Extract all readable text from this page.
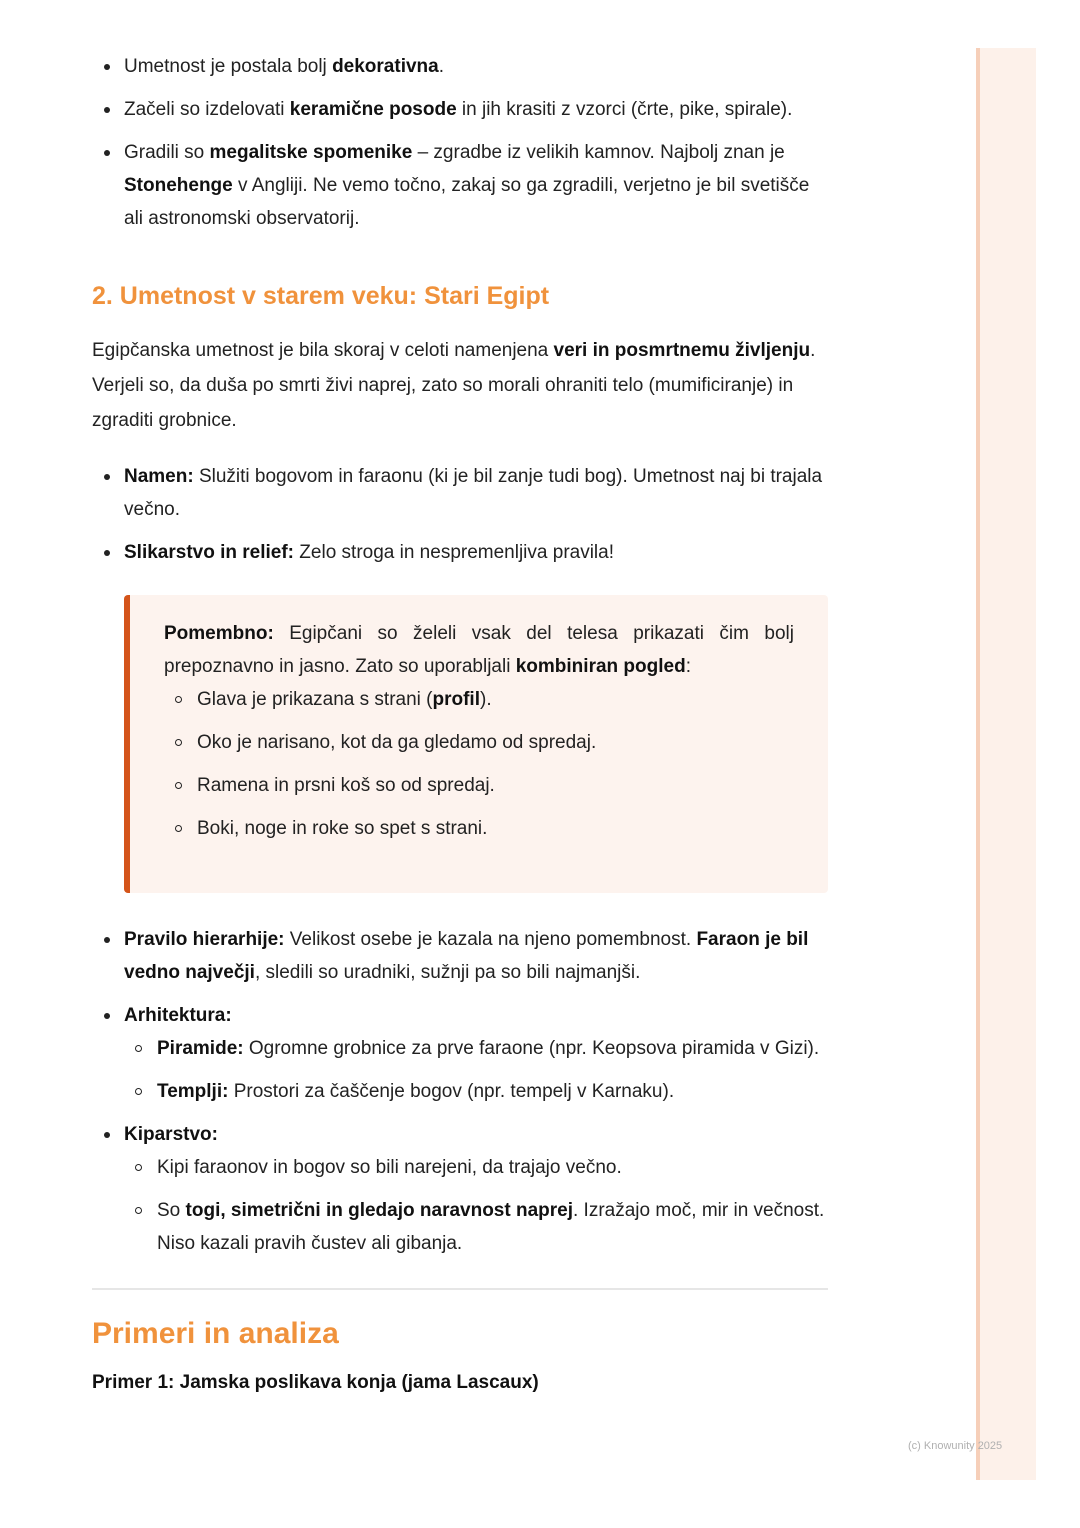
(c) Knowunity 2025
Umetnost je postala bolj dekorativna.
Začeli so izdelovati keramične posode in jih krasiti z vzorci (črte, pike, spirale).
Gradili so megalitske spomenike – zgradbe iz velikih kamnov. Najbolj znan je Stonehenge v Angliji. Ne vemo točno, zakaj so ga zgradili, verjetno je bil svetišče ali astronomski observatorij.
2. Umetnost v starem veku: Stari Egipt

Egipčanska umetnost je bila skoraj v celoti namenjena veri in posmrtnemu življenju. Verjeli so, da duša po smrti živi naprej, zato so morali ohraniti telo (mumificiranje) in zgraditi grobnice.

Namen: Služiti bogovom in faraonu (ki je bil zanje tudi bog). Umetnost naj bi trajala večno.
Slikarstvo in relief: Zelo stroga in nespremenljiva pravila!

Pomembno: Egipčani so želeli vsak del telesa prikazati čim bolj prepoznavno in jasno. Zato so uporabljali kombiniran pogled:

Glava je prikazana s strani (profil).
Oko je narisano, kot da ga gledamo od spredaj.
Ramena in prsni koš so od spredaj.
Boki, noge in roke so spet s strani.
Pravilo hierarhije: Velikost osebe je kazala na njeno pomembnost. Faraon je bil vedno največji, sledili so uradniki, sužnji pa so bili najmanjši.
Arhitektura:
Piramide: Ogromne grobnice za prve faraone (npr. Keopsova piramida v Gizi).
Templji: Prostori za čaščenje bogov (npr. tempelj v Karnaku).
Kiparstvo:
Kipi faraonov in bogov so bili narejeni, da trajajo večno.
So togi, simetrični in gledajo naravnost naprej. Izražajo moč, mir in večnost. Niso kazali pravih čustev ali gibanja.
Primeri in analiza
Primer 1: Jamska poslikava konja (jama Lascaux)
